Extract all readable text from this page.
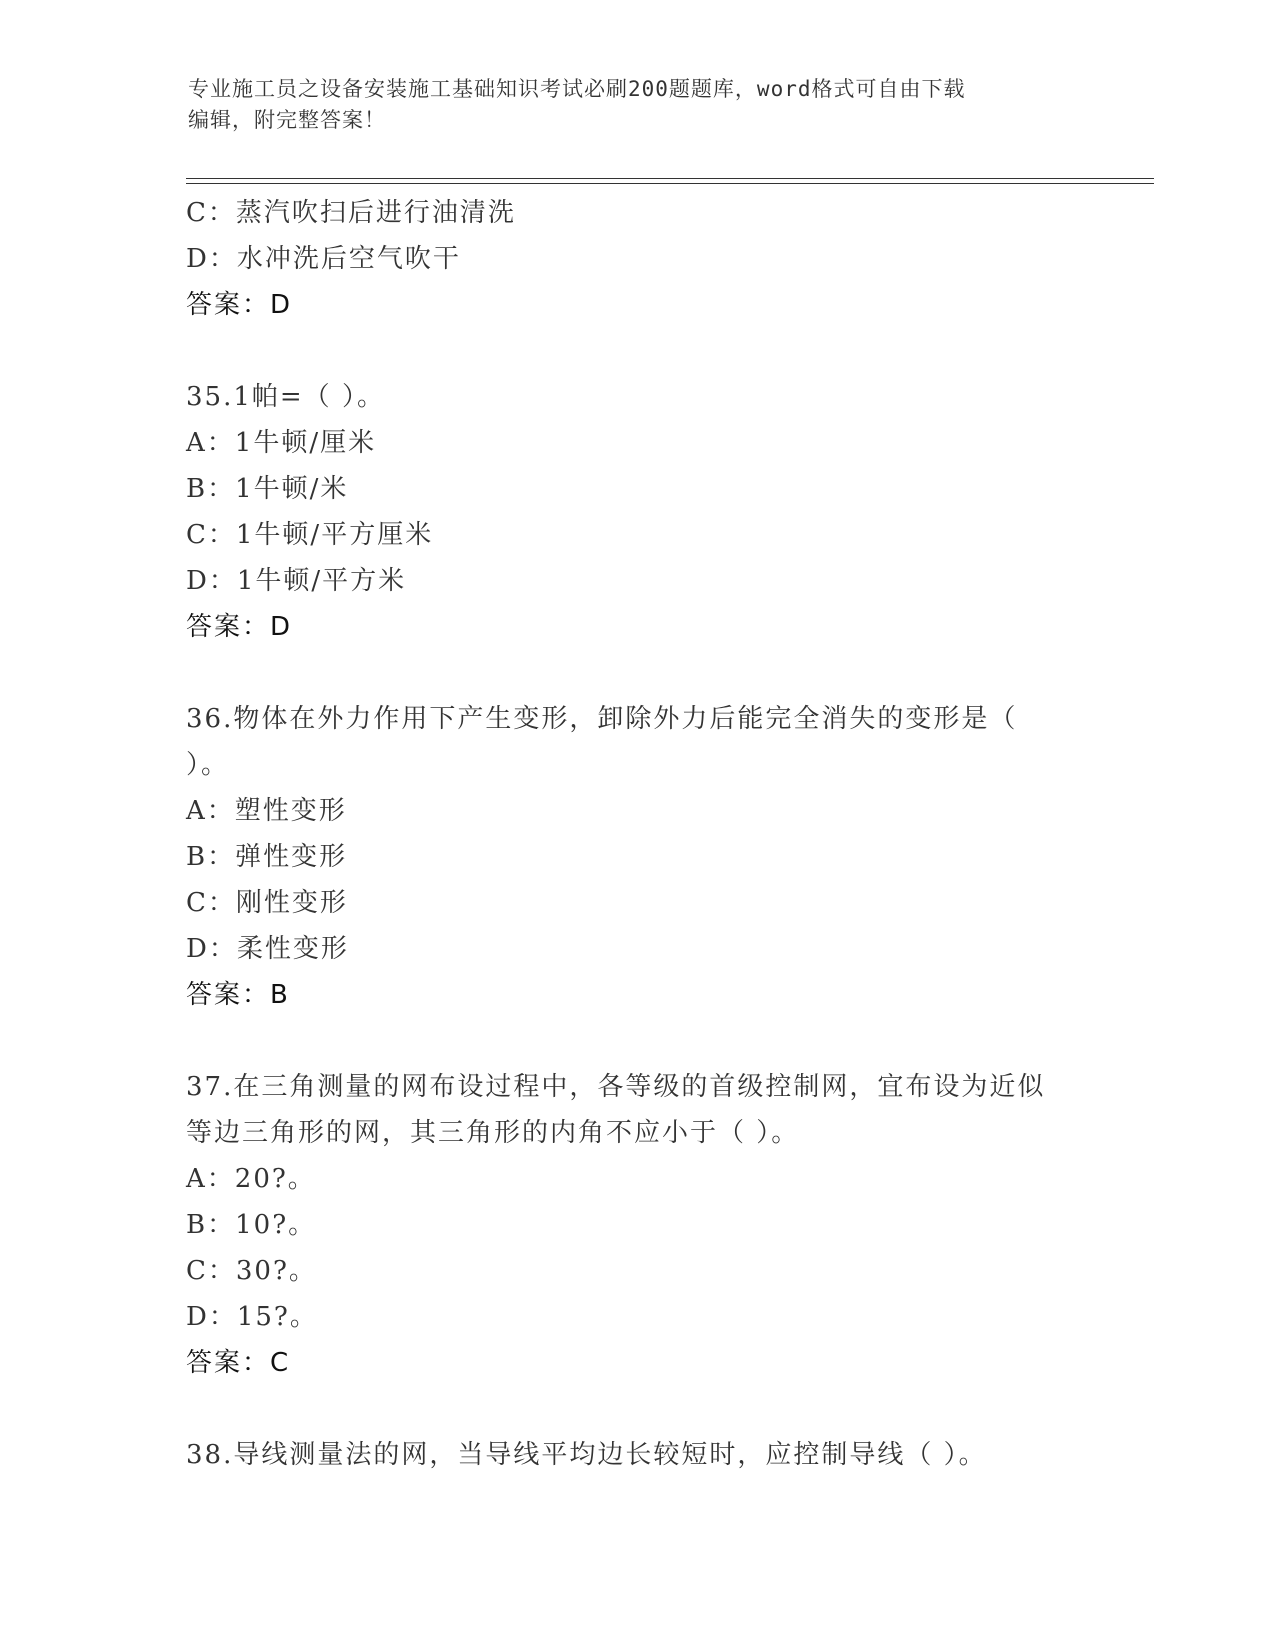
专业施工员之设备安装施工基础知识考试必刷200题题库，word格式可自由下载
编辑，附完整答案！
C：蒸汽吹扫后进行油清洗
D：水冲洗后空气吹干
答案：D
35.1帕=（ ）。
A：1牛顿/厘米
B：1牛顿/米
C：1牛顿/平方厘米
D：1牛顿/平方米
答案：D
36.物体在外力作用下产生变形，卸除外力后能完全消失的变形是（
）。
A：塑性变形
B：弹性变形
C：刚性变形
D：柔性变形
答案：B
37.在三角测量的网布设过程中，各等级的首级控制网，宜布设为近似
等边三角形的网，其三角形的内角不应小于（ ）。
A：20?。
B：10?。
C：30?。
D：15?。
答案：C
38.导线测量法的网，当导线平均边长较短时，应控制导线（ ）。
